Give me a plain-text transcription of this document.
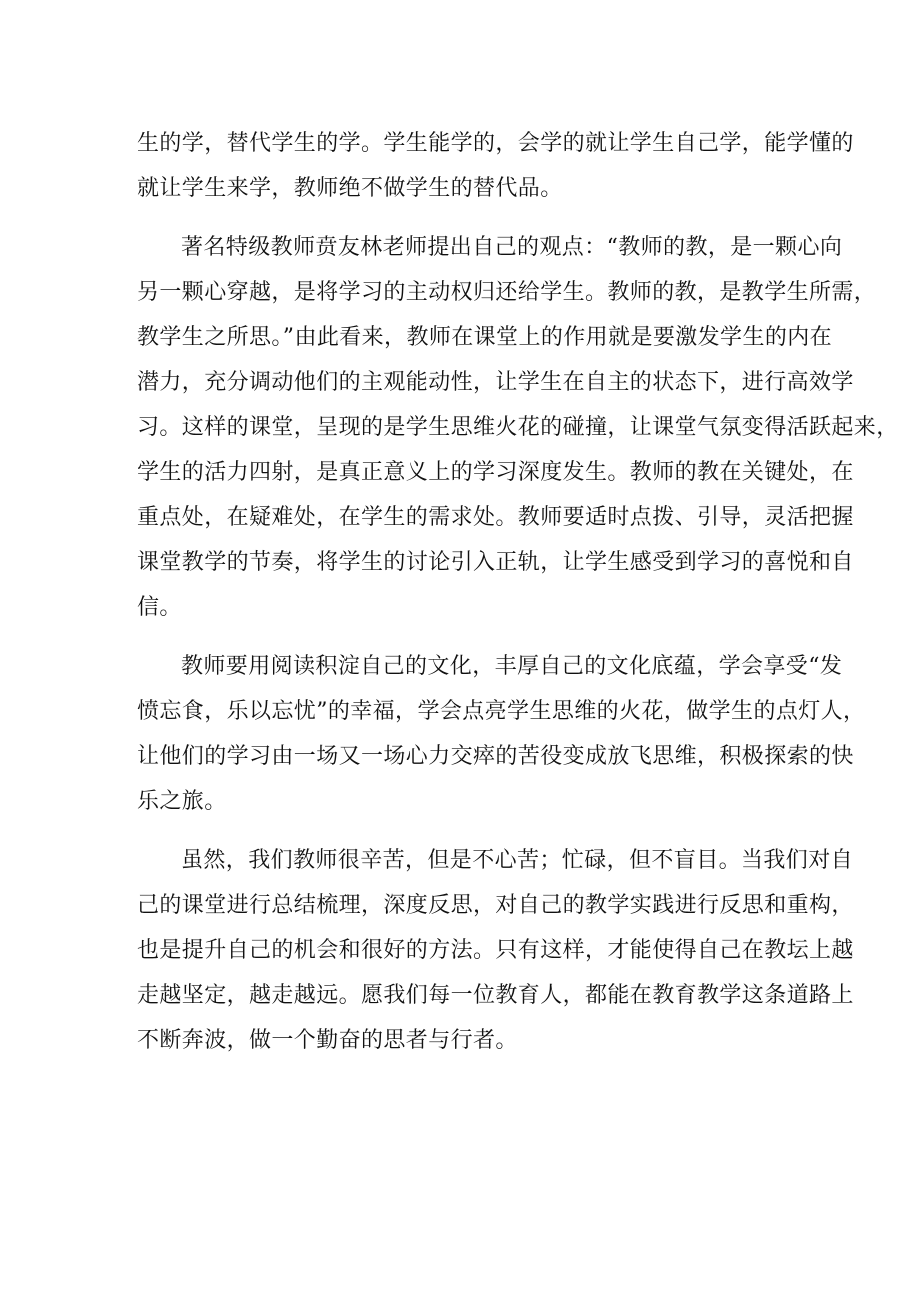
生的学，替代学生的学。学生能学的，会学的就让学生自己学，能学懂的
就让学生来学，教师绝不做学生的替代品。
著名特级教师贲友林老师提出自己的观点：“教师的教，是一颗心向
另一颗心穿越，是将学习的主动权归还给学生。教师的教，是教学生所需，
教学生之所思。”由此看来，教师在课堂上的作用就是要激发学生的内在
潜力，充分调动他们的主观能动性，让学生在自主的状态下，进行高效学
习。这样的课堂，呈现的是学生思维火花的碰撞，让课堂气氛变得活跃起来，
学生的活力四射，是真正意义上的学习深度发生。教师的教在关键处，在
重点处，在疑难处，在学生的需求处。教师要适时点拨、引导，灵活把握
课堂教学的节奏，将学生的讨论引入正轨，让学生感受到学习的喜悦和自
信。
教师要用阅读积淀自己的文化，丰厚自己的文化底蕴，学会享受“发
愤忘食，乐以忘忧”的幸福，学会点亮学生思维的火花，做学生的点灯人，
让他们的学习由一场又一场心力交瘁的苦役变成放飞思维，积极探索的快
乐之旅。
虽然，我们教师很辛苦，但是不心苦；忙碌，但不盲目。当我们对自
己的课堂进行总结梳理，深度反思，对自己的教学实践进行反思和重构，
也是提升自己的机会和很好的方法。只有这样，才能使得自己在教坛上越
走越坚定，越走越远。愿我们每一位教育人，都能在教育教学这条道路上
不断奔波，做一个勤奋的思者与行者。
